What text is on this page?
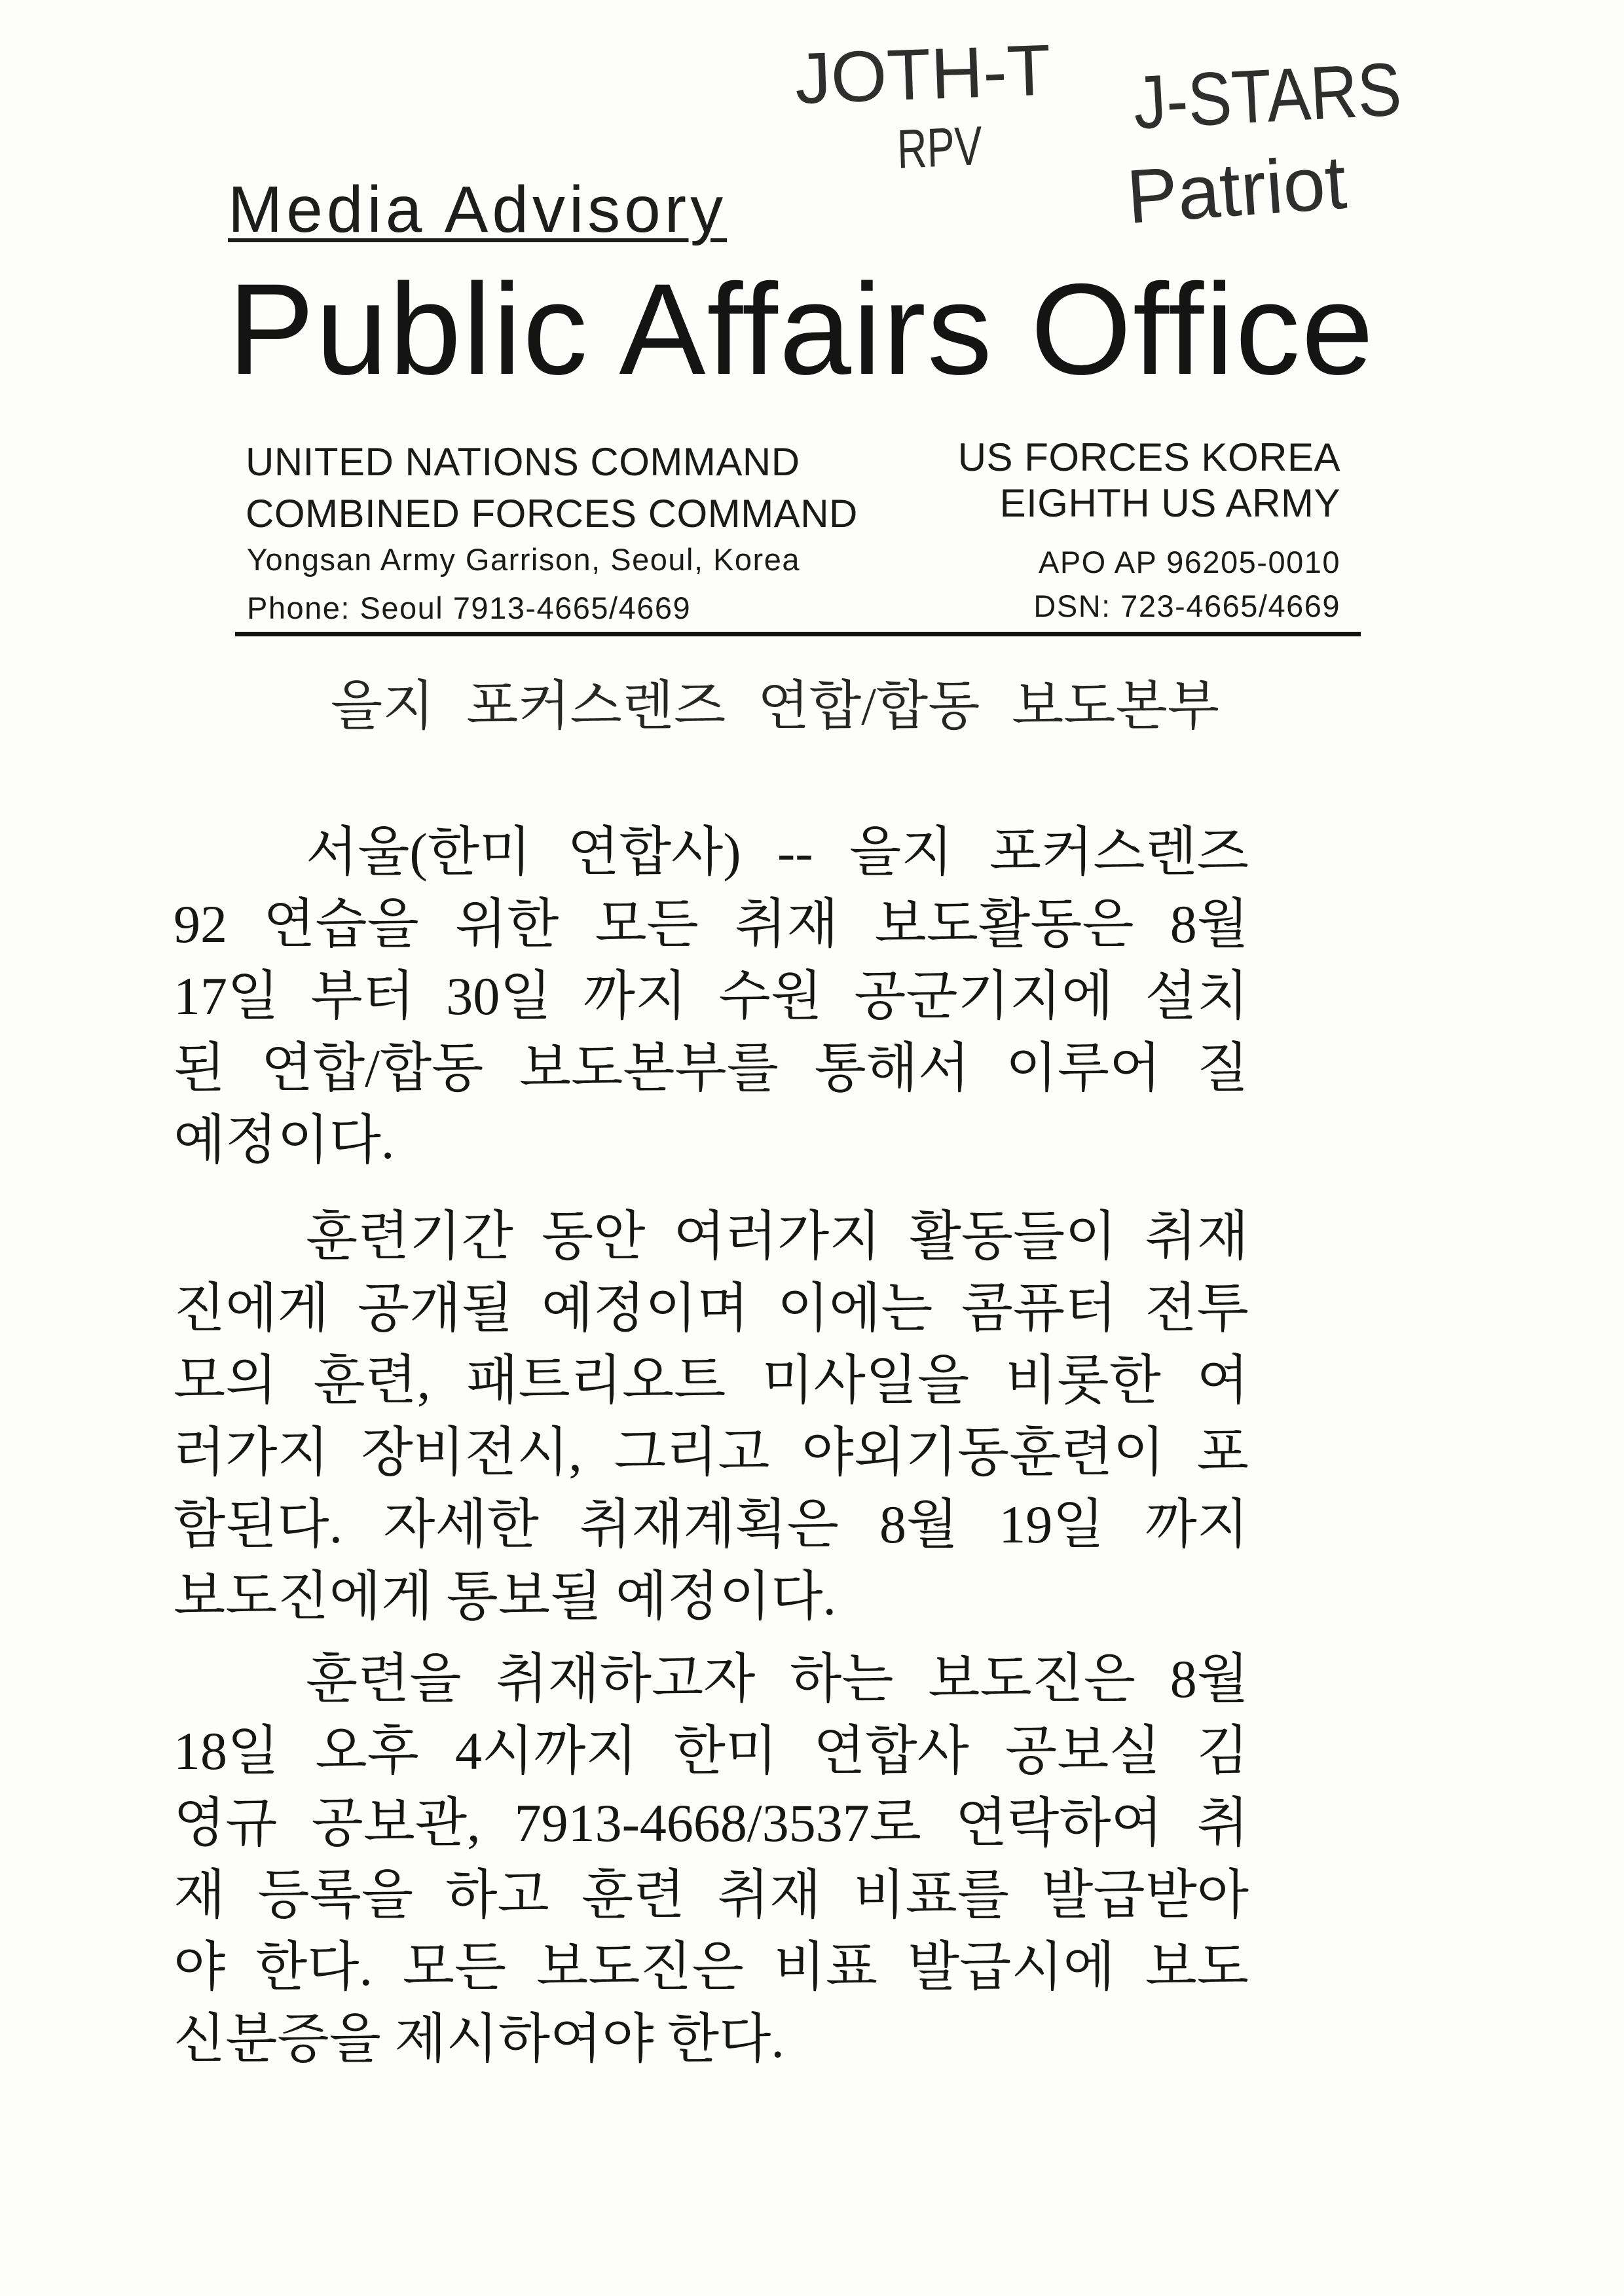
JOTH-T
RPV
J-STARS
Patriot
Media Advisory
Public Affairs Office
UNITED NATIONS COMMAND
COMBINED FORCES COMMAND
Yongsan Army Garrison, Seoul, Korea
Phone: Seoul 7913-4665/4669
US FORCES KOREA
EIGHTH US ARMY
APO AP 96205-0010
DSN: 723-4665/4669
을지 포커스렌즈 연합/합동 보도본부
서울(한미 연합사) -- 을지 포커스렌즈
92 연습을 위한 모든 취재 보도활동은 8월
17일 부터 30일 까지 수원 공군기지에 설치
된 연합/합동 보도본부를 통해서 이루어 질
예정이다.
훈련기간 동안 여러가지 활동들이 취재
진에게 공개될 예정이며 이에는 콤퓨터 전투
모의 훈련, 패트리오트 미사일을 비롯한 여
러가지 장비전시, 그리고 야외기동훈련이 포
함된다. 자세한 취재계획은 8월 19일 까지
보도진에게 통보될 예정이다.
훈련을 취재하고자 하는 보도진은 8월
18일 오후 4시까지 한미 연합사 공보실 김
영규 공보관, 7913-4668/3537로 연락하여 취
재 등록을 하고 훈련 취재 비표를 발급받아
야 한다. 모든 보도진은 비표 발급시에 보도
신분증을 제시하여야 한다.
